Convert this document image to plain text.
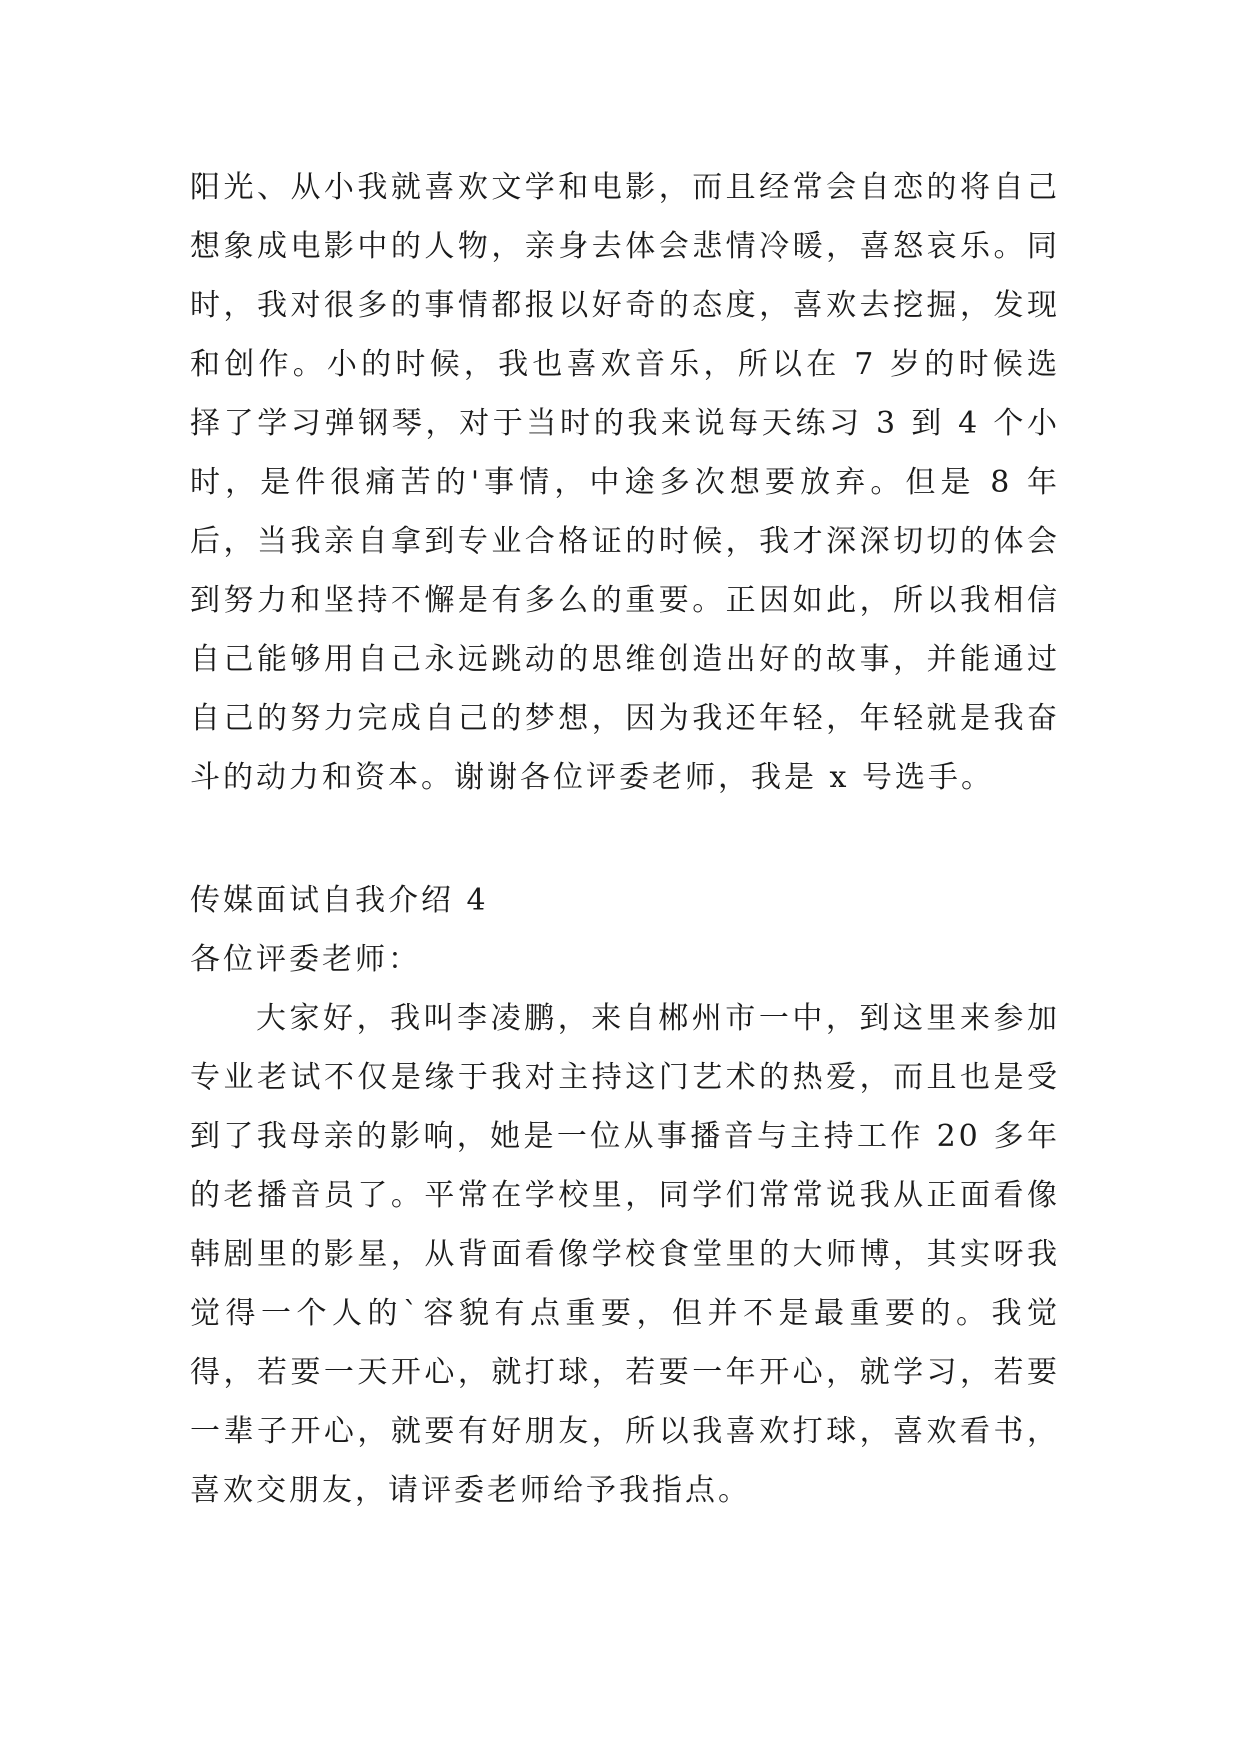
阳光、从小我就喜欢文学和电影，而且经常会自恋的将自己想象成电影中的人物，亲身去体会悲情冷暖，喜怒哀乐。同时，我对很多的事情都报以好奇的态度，喜欢去挖掘，发现和创作。小的时候，我也喜欢音乐，所以在 7 岁的时候选择了学习弹钢琴，对于当时的我来说每天练习 3 到 4 个小时，是件很痛苦的'事情，中途多次想要放弃。但是 8 年后，当我亲自拿到专业合格证的时候，我才深深切切的体会到努力和坚持不懈是有多么的重要。正因如此，所以我相信自己能够用自己永远跳动的思维创造出好的故事，并能通过自己的努力完成自己的梦想，因为我还年轻，年轻就是我奋斗的动力和资本。谢谢各位评委老师，我是 x 号选手。

传媒面试自我介绍 4

各位评委老师：

大家好，我叫李凌鹏，来自郴州市一中，到这里来参加专业老试不仅是缘于我对主持这门艺术的热爱，而且也是受到了我母亲的影响，她是一位从事播音与主持工作 20 多年的老播音员了。平常在学校里，同学们常常说我从正面看像韩剧里的影星，从背面看像学校食堂里的大师博，其实呀我觉得一个人的`容貌有点重要，但并不是最重要的。我觉得，若要一天开心，就打球，若要一年开心，就学习，若要一辈子开心，就要有好朋友，所以我喜欢打球，喜欢看书，喜欢交朋友，请评委老师给予我指点。
